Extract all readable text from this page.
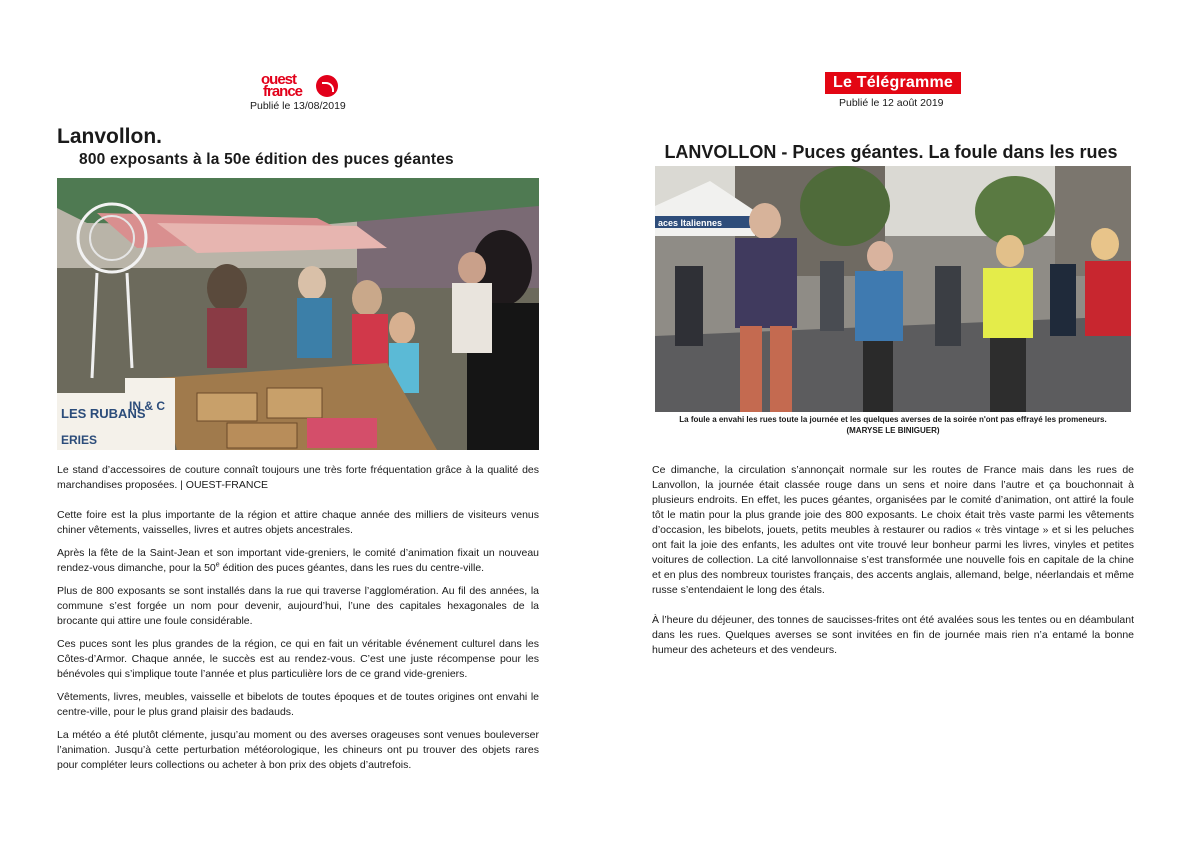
ouest
france
Publié le 13/08/2019
Lanvollon.
800 exposants à la 50e édition des puces géantes
LES RUBANS
IN & C
ERIES
Le stand d’accessoires de couture connaît toujours une très forte fréquentation grâce à la qualité des marchandises proposées. | OUEST-FRANCE

Cette foire est la plus importante de la région et attire chaque année des milliers de visiteurs venus chiner vêtements, vaisselles, livres et autres objets ancestrales.

Après la fête de la Saint-Jean et son important vide-greniers, le comité d’animation fixait un nouveau rendez-vous dimanche, pour la 50e édition des puces géantes, dans les rues du centre-ville.

Plus de 800 exposants se sont installés dans la rue qui traverse l’agglomération. Au fil des années, la commune s’est forgée un nom pour devenir, aujourd’hui, l’une des capitales hexagonales de la brocante qui attire une foule considérable.

Ces puces sont les plus grandes de la région, ce qui en fait un véritable événement culturel dans les Côtes-d’Armor. Chaque année, le succès est au rendez-vous. C’est une juste récompense pour les bénévoles qui s’implique toute l’année et plus particulière lors de ce grand vide-greniers.

Vêtements, livres, meubles, vaisselle et bibelots de toutes époques et de toutes origines ont envahi le centre-ville, pour le plus grand plaisir des badauds.

La météo a été plutôt clémente, jusqu’au moment ou des averses orageuses sont venues bouleverser l’animation. Jusqu’à cette perturbation météorologique, les chineurs ont pu trouver des objets rares pour compléter leurs collections ou acheter à bon prix des objets d’autrefois.

Le Télégramme
Publié le 12 août 2019
LANVOLLON - Puces géantes. La foule dans les rues
aces Italiennes
La foule a envahi les rues toute la journée et les quelques averses de la soirée n'ont pas effrayé les promeneurs.
(MARYSE LE BINIGUER)

Ce dimanche, la circulation s’annonçait normale sur les routes de France mais dans les rues de Lanvollon, la journée était classée rouge dans un sens et noire dans l’autre et ça bouchonnait à plusieurs endroits. En effet, les puces géantes, organisées par le comité d’animation, ont attiré la foule tôt le matin pour la plus grande joie des 800 exposants. Le choix était très vaste parmi les vêtements d’occasion, les bibelots, jouets, petits meubles à restaurer ou radios « très vintage » et si les peluches ont fait la joie des enfants, les adultes ont vite trouvé leur bonheur parmi les livres, vinyles et petites voitures de collection. La cité lanvollonnaise s’est transformée une nouvelle fois en capitale de la chine et en plus des nombreux touristes français, des accents anglais, allemand, belge, néerlandais et même russe s’entendaient le long des étals.

À l’heure du déjeuner, des tonnes de saucisses-frites ont été avalées sous les tentes ou en déambulant dans les rues. Quelques averses se sont invitées en fin de journée mais rien n’a entamé la bonne humeur des acheteurs et des vendeurs.
